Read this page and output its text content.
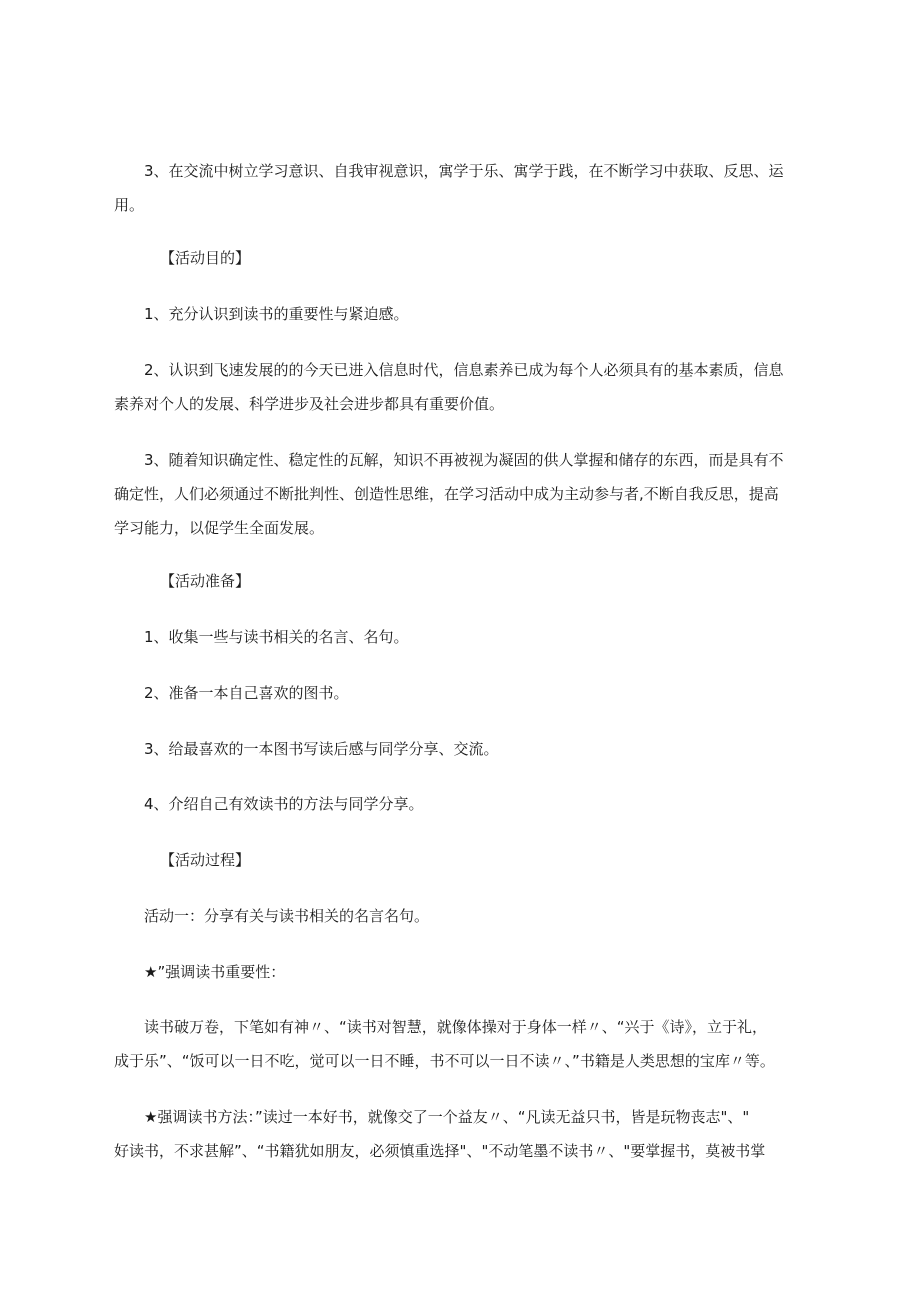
3、在交流中树立学习意识、自我审视意识，寓学于乐、寓学于践，在不断学习中获取、反思、运
用。

【活动目的】

1、充分认识到读书的重要性与紧迫感。

2、认识到飞速发展的的今天已进入信息时代，信息素养已成为每个人必须具有的基本素质，信息
素养对个人的发展、科学进步及社会进步都具有重要价值。

3、随着知识确定性、稳定性的瓦解，知识不再被视为凝固的供人掌握和储存的东西，而是具有不
确定性，人们必须通过不断批判性、创造性思维，在学习活动中成为主动参与者,不断自我反思，提高
学习能力，以促学生全面发展。

【活动准备】

1、收集一些与读书相关的名言、名句。

2、准备一本自己喜欢的图书。

3、给最喜欢的一本图书写读后感与同学分享、交流。

4、介绍自己有效读书的方法与同学分享。

【活动过程】

活动一：分享有关与读书相关的名言名句。

★”强调读书重要性：

读书破万卷，下笔如有神〃、“读书对智慧，就像体操对于身体一样〃、“兴于《诗》，立于礼，
成于乐”、“饭可以一日不吃，觉可以一日不睡，书不可以一日不读〃、”书籍是人类思想的宝库〃等。

★强调读书方法：”读过一本好书，就像交了一个益友〃、“凡读无益只书，皆是玩物丧志"、"
好读书，不求甚解”、“书籍犹如朋友，必须慎重选择"、"不动笔墨不读书〃、"要掌握书，莫被书掌
